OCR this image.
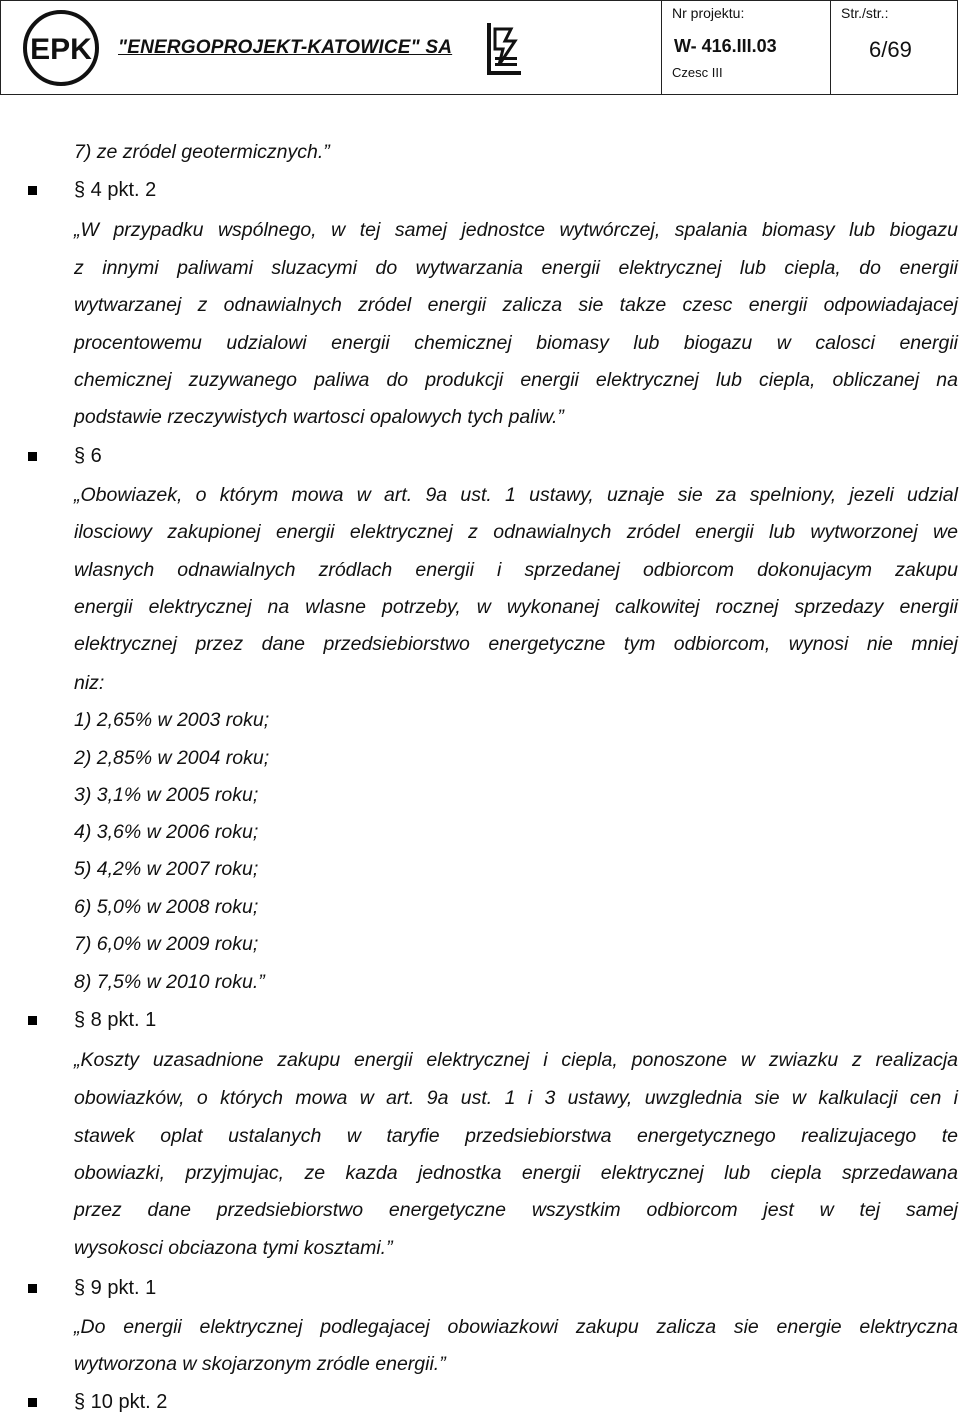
EPK "ENERGOPROJEKT-KATOWICE" SA
Nr projektu:
W- 416.III.03
Czesc III
Str./str.:
6/69
7) ze zródel geotermicznych.”
§ 4 pkt. 2
„W przypadku wspólnego, w tej samej jednostce wytwórczej, spalania biomasy lub biogazu
z innymi paliwami sluzacymi do wytwarzania energii elektrycznej lub ciepla, do energii
wytwarzanej z odnawialnych zródel energii zalicza sie takze czesc energii odpowiadajacej
procentowemu udzialowi energii chemicznej biomasy lub biogazu w calosci energii
chemicznej zuzywanego paliwa do produkcji energii elektrycznej lub ciepla, obliczanej na
podstawie rzeczywistych wartosci opalowych tych paliw.”
§ 6
„Obowiazek, o którym mowa w art. 9a ust. 1 ustawy, uznaje sie za spelniony, jezeli udzial
ilosciowy zakupionej energii elektrycznej z odnawialnych zródel energii lub wytworzonej we
wlasnych odnawialnych zródlach energii i sprzedanej odbiorcom dokonujacym zakupu
energii elektrycznej na wlasne potrzeby, w wykonanej calkowitej rocznej sprzedazy energii
elektrycznej przez dane przedsiebiorstwo energetyczne tym odbiorcom, wynosi nie mniej
niz:
1) 2,65% w 2003 roku;
2) 2,85% w 2004 roku;
3) 3,1% w 2005 roku;
4) 3,6% w 2006 roku;
5) 4,2% w 2007 roku;
6) 5,0% w 2008 roku;
7) 6,0% w 2009 roku;
8) 7,5% w 2010 roku.”
§ 8 pkt. 1
„Koszty uzasadnione zakupu energii elektrycznej i ciepla, ponoszone w zwiazku z realizacja
obowiazków, o których mowa w art. 9a ust. 1 i 3 ustawy, uwzglednia sie w kalkulacji cen i
stawek oplat ustalanych w taryfie przedsiebiorstwa energetycznego realizujacego te
obowiazki, przyjmujac, ze kazda jednostka energii elektrycznej lub ciepla sprzedawana
przez dane przedsiebiorstwo energetyczne wszystkim odbiorcom jest w tej samej
wysokosci obciazona tymi kosztami.”
§ 9 pkt. 1
„Do energii elektrycznej podlegajacej obowiazkowi zakupu zalicza sie energie elektryczna
wytworzona w skojarzonym zródle energii.”
§ 10 pkt. 2
